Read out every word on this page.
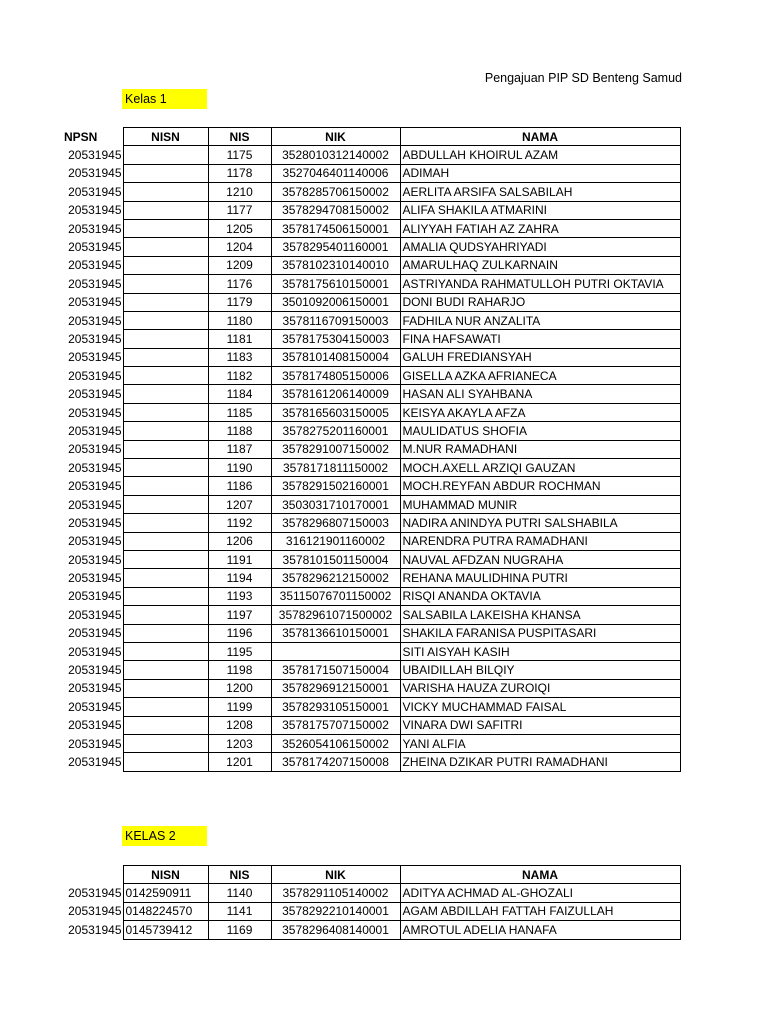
Pengajuan PIP SD Benteng Samud
Kelas 1
NPSN	NISN	NIS	NIK	NAMA
20531945		1175	3528010312140002	ABDULLAH KHOIRUL AZAM
20531945		1178	3527046401140006	ADIMAH
20531945		1210	3578285706150002	AERLITA ARSIFA SALSABILAH
20531945		1177	3578294708150002	ALIFA SHAKILA ATMARINI
20531945		1205	3578174506150001	ALIYYAH FATIAH AZ ZAHRA
20531945		1204	3578295401160001	AMALIA QUDSYAHRIYADI
20531945		1209	3578102310140010	AMARULHAQ ZULKARNAIN
20531945		1176	3578175610150001	ASTRIYANDA RAHMATULLOH PUTRI OKTAVIA
20531945		1179	3501092006150001	DONI BUDI RAHARJO
20531945		1180	3578116709150003	FADHILA NUR ANZALITA
20531945		1181	3578175304150003	FINA HAFSAWATI
20531945		1183	3578101408150004	GALUH FREDIANSYAH
20531945		1182	3578174805150006	GISELLA AZKA AFRIANECA
20531945		1184	3578161206140009	HASAN ALI SYAHBANA
20531945		1185	3578165603150005	KEISYA AKAYLA AFZA
20531945		1188	3578275201160001	MAULIDATUS SHOFIA
20531945		1187	3578291007150002	M.NUR RAMADHANI
20531945		1190	3578171811150002	MOCH.AXELL ARZIQI GAUZAN
20531945		1186	3578291502160001	MOCH.REYFAN ABDUR ROCHMAN
20531945		1207	3503031710170001	MUHAMMAD MUNIR
20531945		1192	3578296807150003	NADIRA ANINDYA PUTRI SALSHABILA
20531945		1206	316121901160002	NARENDRA PUTRA RAMADHANI
20531945		1191	3578101501150004	NAUVAL AFDZAN NUGRAHA
20531945		1194	3578296212150002	REHANA MAULIDHINA PUTRI
20531945		1193	35115076701150002	RISQI ANANDA OKTAVIA
20531945		1197	35782961071500002	SALSABILA LAKEISHA KHANSA
20531945		1196	3578136610150001	SHAKILA FARANISA PUSPITASARI
20531945		1195		SITI AISYAH KASIH
20531945		1198	3578171507150004	UBAIDILLAH BILQIY
20531945		1200	3578296912150001	VARISHA HAUZA ZUROIQI
20531945		1199	3578293105150001	VICKY MUCHAMMAD FAISAL
20531945		1208	3578175707150002	VINARA DWI SAFITRI
20531945		1203	3526054106150002	YANI ALFIA
20531945		1201	3578174207150008	ZHEINA DZIKAR PUTRI RAMADHANI
KELAS 2
	NISN	NIS	NIK	NAMA
20531945	0142590911	1140	3578291105140002	ADITYA ACHMAD AL-GHOZALI
20531945	0148224570	1141	3578292210140001	AGAM ABDILLAH FATTAH FAIZULLAH
20531945	0145739412	1169	3578296408140001	AMROTUL ADELIA HANAFA
